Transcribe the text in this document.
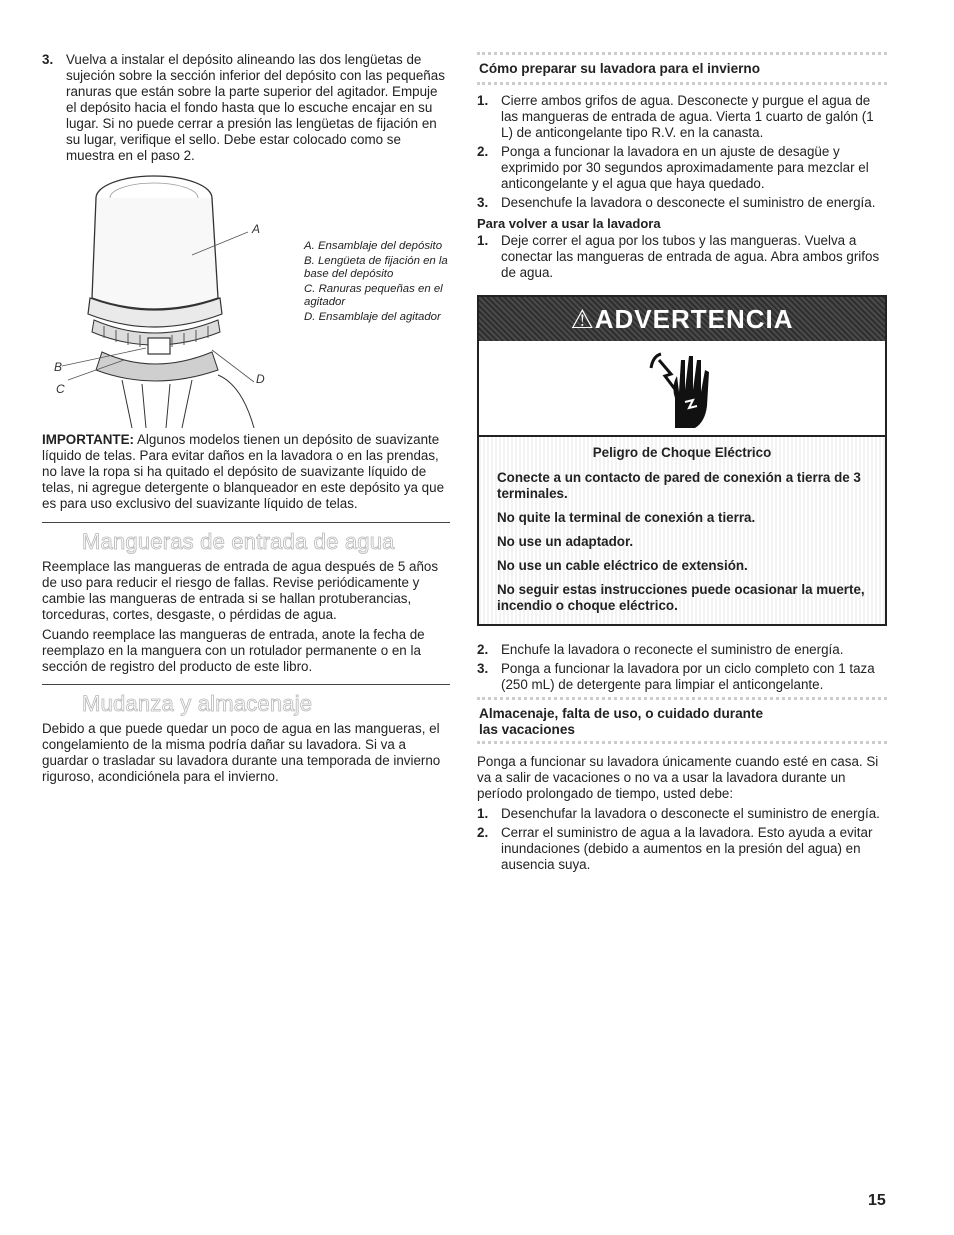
3. Vuelva a instalar el depósito alineando las dos lengüetas de sujeción sobre la sección inferior del depósito con las pequeñas ranuras que están sobre la parte superior del agitador. Empuje el depósito hacia el fondo hasta que lo escuche encajar en su lugar. Si no puede cerrar a presión las lengüetas de fijación en su lugar, verifique el sello. Debe estar colocado como se muestra en el paso 2.
A
B
C
D
A. Ensamblaje del depósito
B. Lengüeta de fijación en la base del depósito
C. Ranuras pequeñas en el agitador
D. Ensamblaje del agitador

IMPORTANTE: Algunos modelos tienen un depósito de suavizante líquido de telas. Para evitar daños en la lavadora o en las prendas, no lave la ropa si ha quitado el depósito de suavizante líquido de telas, ni agregue detergente o blanqueador en este depósito ya que es para uso exclusivo del suavizante líquido de telas.

Mangueras de entrada de agua

Reemplace las mangueras de entrada de agua después de 5 años de uso para reducir el riesgo de fallas. Revise periódicamente y cambie las mangueras de entrada si se hallan protuberancias, torceduras, cortes, desgaste, o pérdidas de agua.

Cuando reemplace las mangueras de entrada, anote la fecha de reemplazo en la manguera con un rotulador permanente o en la sección de registro del producto de este libro.

Mudanza y almacenaje

Debido a que puede quedar un poco de agua en las mangueras, el congelamiento de la misma podría dañar su lavadora. Si va a guardar o trasladar su lavadora durante una temporada de invierno riguroso, acondiciónela para el invierno.

Cómo preparar su lavadora para el invierno
1. Cierre ambos grifos de agua. Desconecte y purgue el agua de las mangueras de entrada de agua. Vierta 1 cuarto de galón (1 L) de anticongelante tipo R.V. en la canasta.
2. Ponga a funcionar la lavadora en un ajuste de desagüe y exprimido por 30 segundos aproximadamente para mezclar el anticongelante y el agua que haya quedado.
3. Desenchufe la lavadora o desconecte el suministro de energía.
Para volver a usar la lavadora
1. Deje correr el agua por los tubos y las mangueras. Vuelva a conectar las mangueras de entrada de agua. Abra ambos grifos de agua.
⚠ADVERTENCIA
Peligro de Choque Eléctrico
Conecte a un contacto de pared de conexión a tierra de 3 terminales.
No quite la terminal de conexión a tierra.
No use un adaptador.
No use un cable eléctrico de extensión.
No seguir estas instrucciones puede ocasionar la muerte, incendio o choque eléctrico.
2. Enchufe la lavadora o reconecte el suministro de energía.
3. Ponga a funcionar la lavadora por un ciclo completo con 1 taza (250 mL) de detergente para limpiar el anticongelante.
Almacenaje, falta de uso, o cuidado durante
las vacaciones

Ponga a funcionar su lavadora únicamente cuando esté en casa. Si va a salir de vacaciones o no va a usar la lavadora durante un período prolongado de tiempo, usted debe:

1. Desenchufar la lavadora o desconecte el suministro de energía.
2. Cerrar el suministro de agua a la lavadora. Esto ayuda a evitar inundaciones (debido a aumentos en la presión del agua) en ausencia suya.
15
